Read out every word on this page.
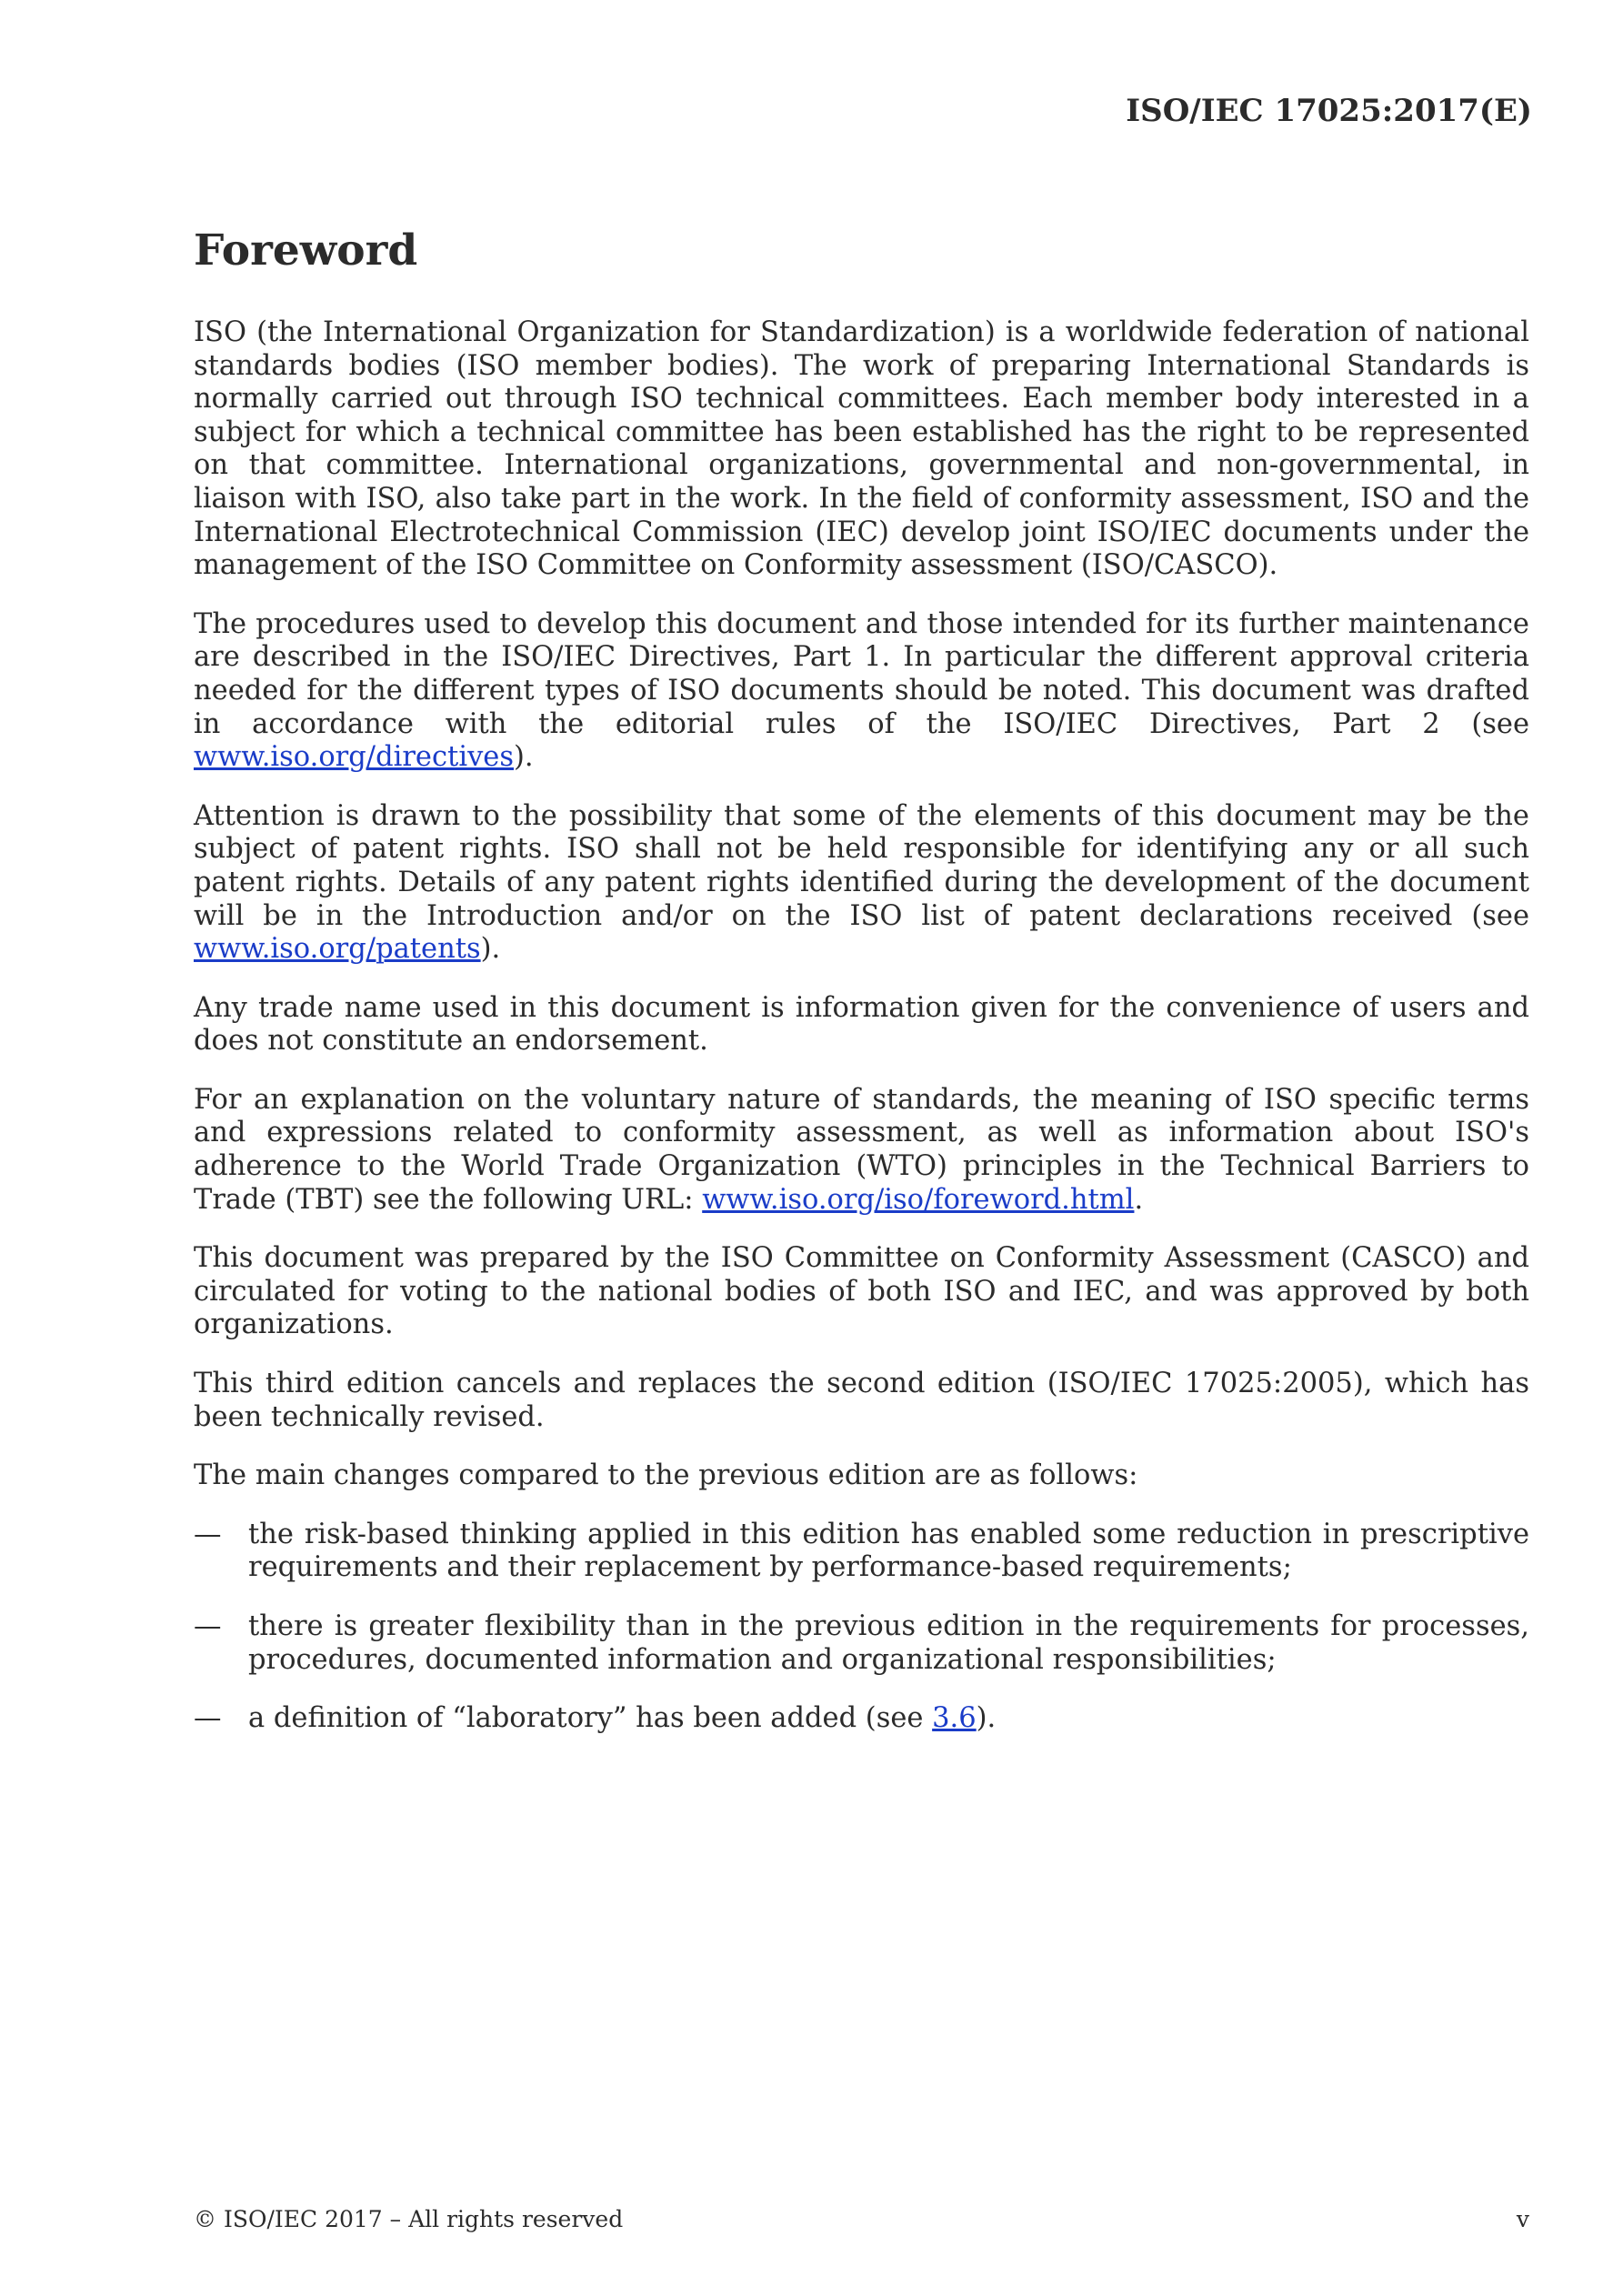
ISO/IEC 17025:2017(E)
Foreword

ISO (the International Organization for Standardization) is a worldwide federation of national standards bodies (ISO member bodies). The work of preparing International Standards is normally carried out through ISO technical committees. Each member body interested in a subject for which a technical committee has been established has the right to be represented on that committee. International organizations, governmental and non-governmental, in liaison with ISO, also take part in the work. In the field of conformity assessment, ISO and the International Electrotechnical Commission (IEC) develop joint ISO/IEC documents under the management of the ISO Committee on Conformity assessment (ISO/CASCO).

The procedures used to develop this document and those intended for its further maintenance are described in the ISO/IEC Directives, Part 1. In particular the different approval criteria needed for the different types of ISO documents should be noted. This document was drafted in accordance with the editorial rules of the ISO/IEC Directives, Part 2 (see www.iso.org/directives).

Attention is drawn to the possibility that some of the elements of this document may be the subject of patent rights. ISO shall not be held responsible for identifying any or all such patent rights. Details of any patent rights identified during the development of the document will be in the Introduction and/or on the ISO list of patent declarations received (see www.iso.org/patents).

Any trade name used in this document is information given for the convenience of users and does not constitute an endorsement.

For an explanation on the voluntary nature of standards, the meaning of ISO specific terms and expressions related to conformity assessment, as well as information about ISO's adherence to the World Trade Organization (WTO) principles in the Technical Barriers to Trade (TBT) see the following URL: www.iso.org/iso/foreword.html.

This document was prepared by the ISO Committee on Conformity Assessment (CASCO) and circulated for voting to the national bodies of both ISO and IEC, and was approved by both organizations.

This third edition cancels and replaces the second edition (ISO/IEC 17025:2005), which has been technically revised.

The main changes compared to the previous edition are as follows:

— the risk-based thinking applied in this edition has enabled some reduction in prescriptive requirements and their replacement by performance-based requirements;
— there is greater flexibility than in the previous edition in the requirements for processes, procedures, documented information and organizational responsibilities;
— a definition of “laboratory” has been added (see 3.6).
© ISO/IEC 2017 – All rights reserved	v
